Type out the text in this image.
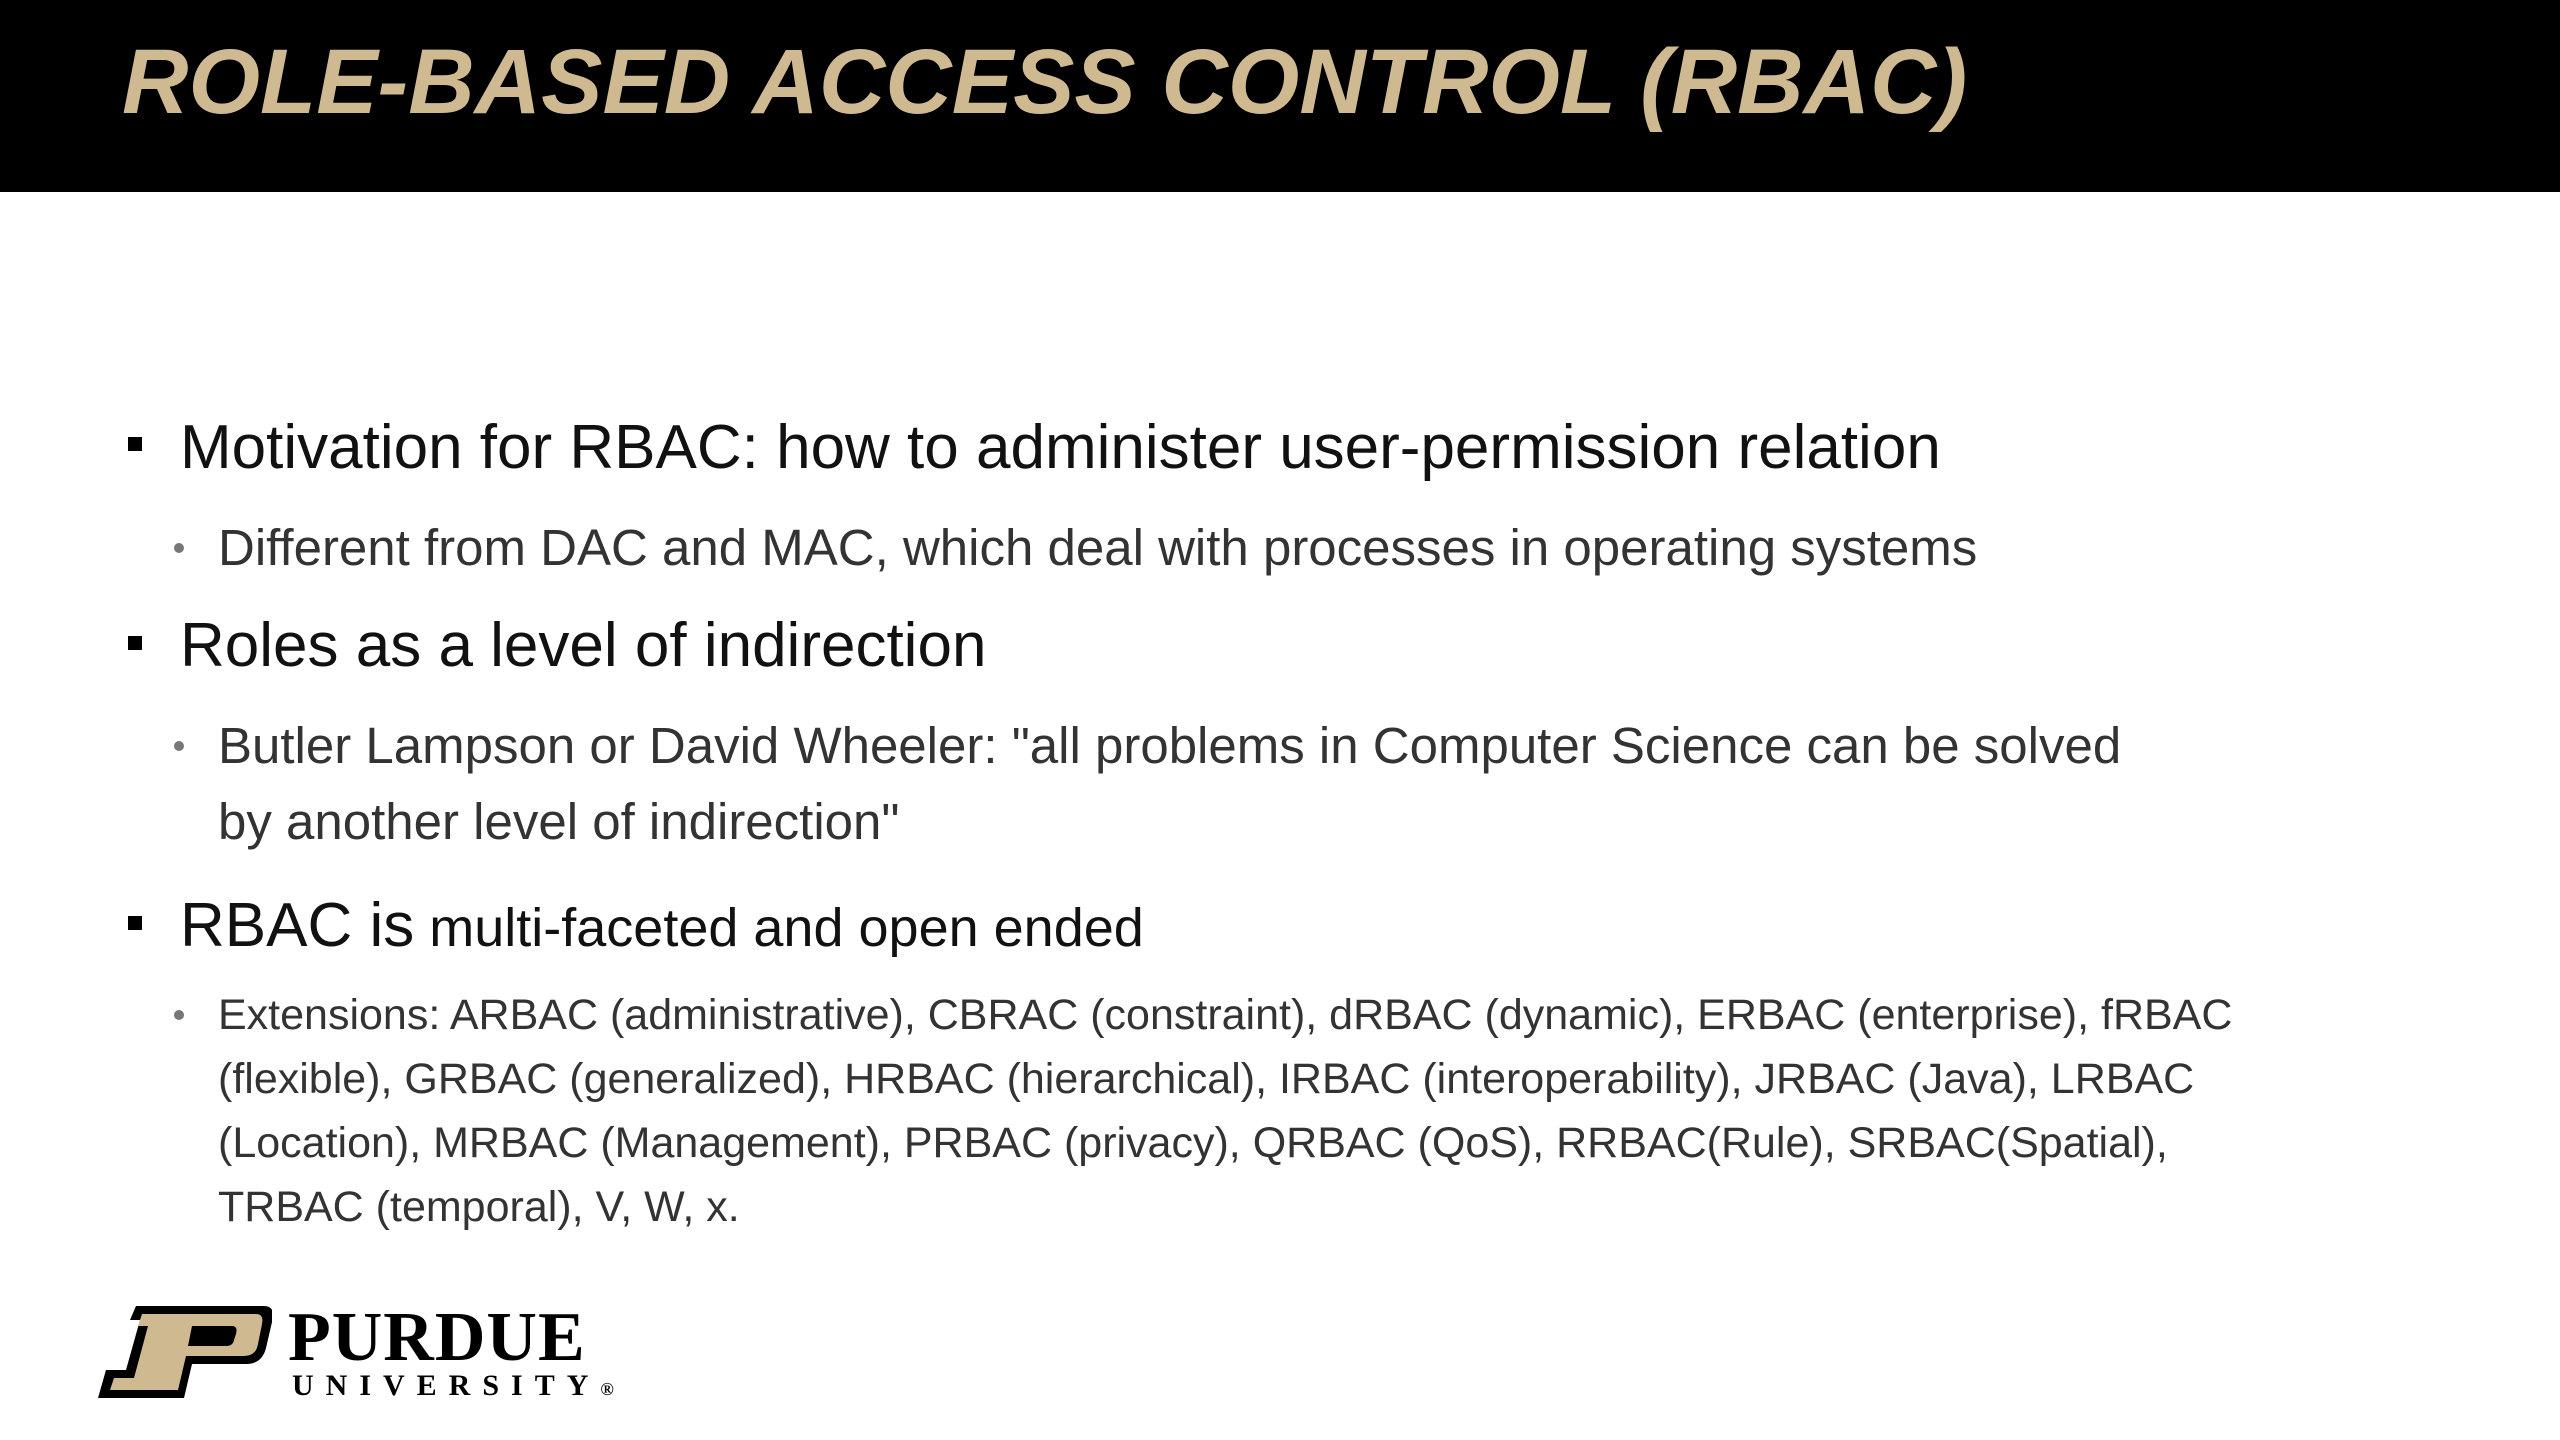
ROLE-BASED ACCESS CONTROL (RBAC)

Motivation for RBAC: how to administer user-permission relation

Different from DAC and MAC, which deal with processes in operating systems

Roles as a level of indirection

Butler Lampson or David Wheeler: "all problems in Computer Science can be solved

by another level of indirection"

RBAC is multi-faceted and open ended

Extensions: ARBAC (administrative), CBRAC (constraint), dRBAC (dynamic), ERBAC (enterprise), fRBAC

(flexible), GRBAC (generalized), HRBAC (hierarchical), IRBAC (interoperability), JRBAC (Java), LRBAC

(Location), MRBAC (Management), PRBAC (privacy), QRBAC (QoS), RRBAC(Rule), SRBAC(Spatial),

TRBAC (temporal), V, W, x.

PURDUE
UNIVERSITY®
